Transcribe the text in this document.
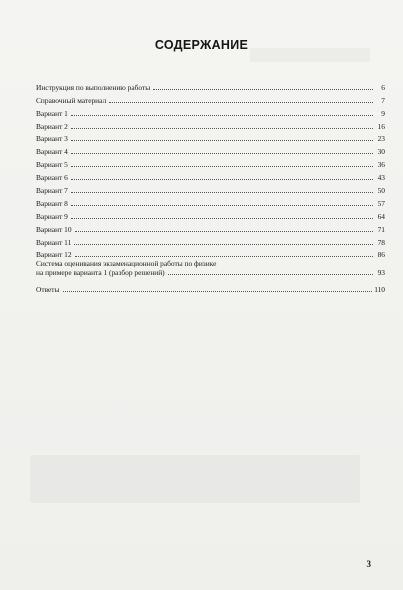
СОДЕРЖАНИЕ
Инструкция по выполнению работы	6
Справочный материал	7
Вариант 1	9
Вариант 2	16
Вариант 3	23
Вариант 4	30
Вариант 5	36
Вариант 6	43
Вариант 7	50
Вариант 8	57
Вариант 9	64
Вариант 10	71
Вариант 11	78
Вариант 12	86
Система оценивания экзаменационной работы по физике
на примере варианта 1 (разбор решений)	93
Ответы	110
3
